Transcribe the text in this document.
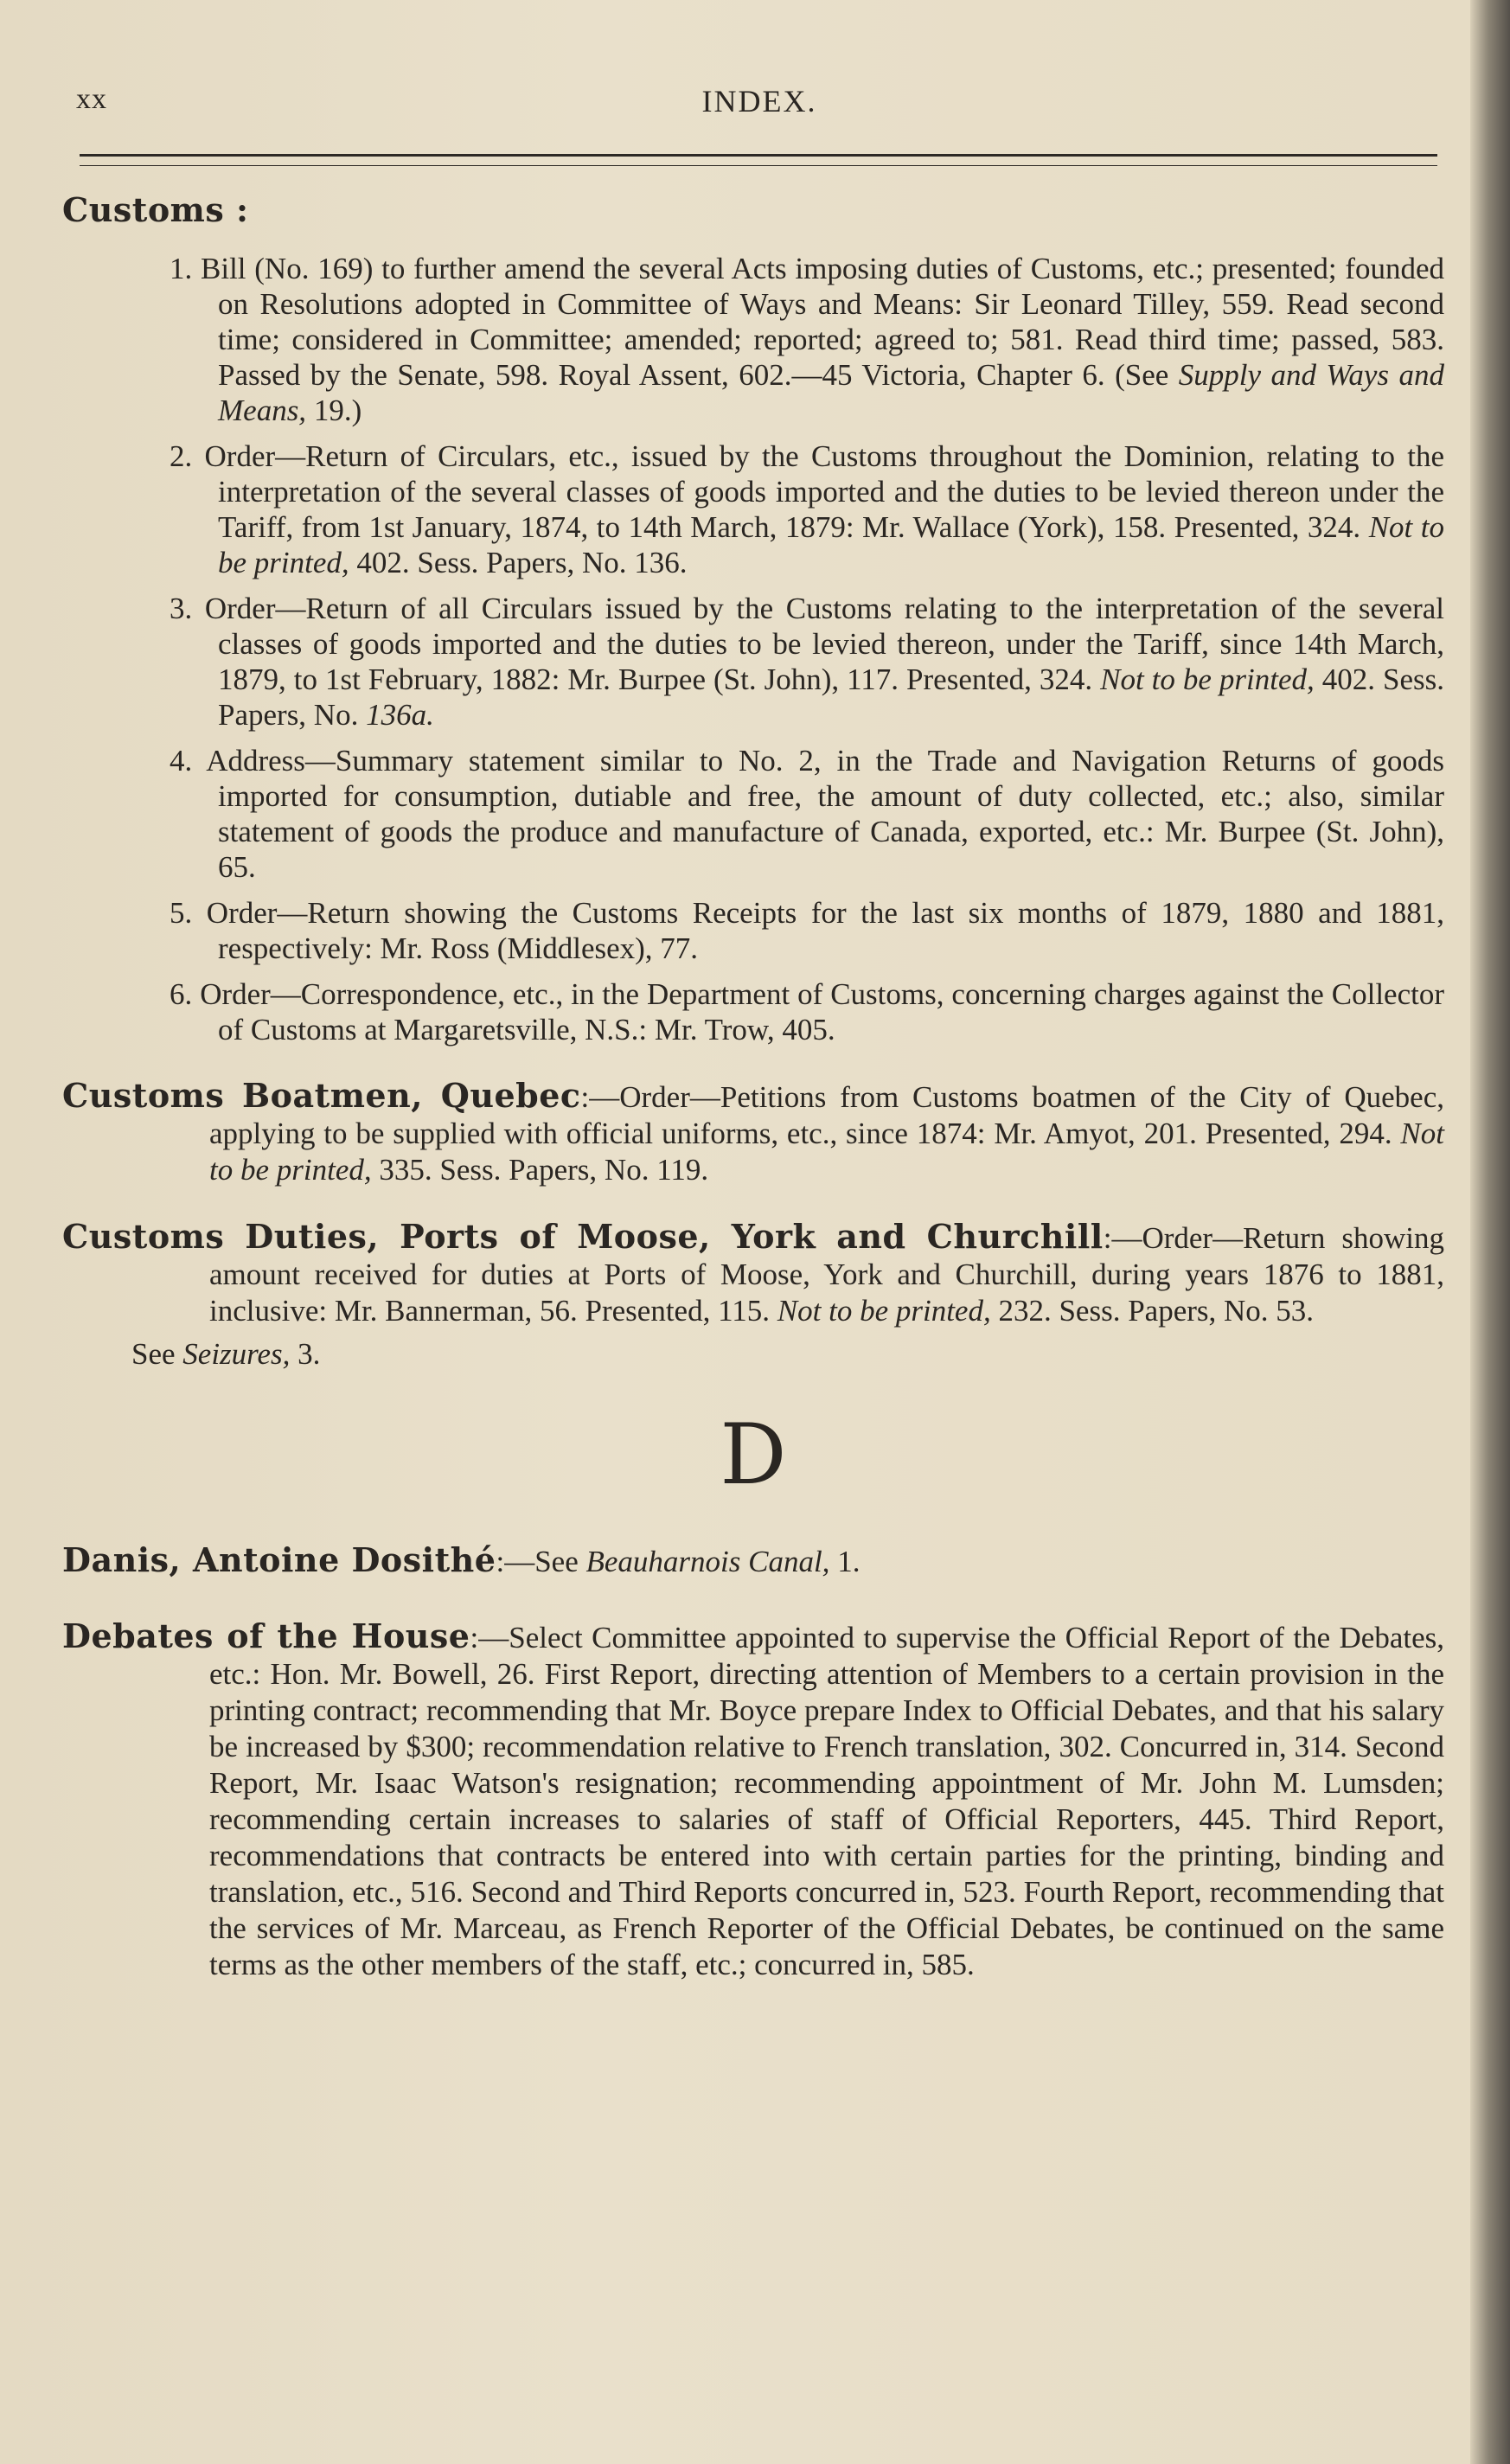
xx	INDEX.
Customs :

1. Bill (No. 169) to further amend the several Acts imposing duties of Customs, etc.; presented; founded on Resolutions adopted in Committee of Ways and Means: Sir Leonard Tilley, 559. Read second time; considered in Committee; amended; reported; agreed to; 581. Read third time; passed, 583. Passed by the Senate, 598. Royal Assent, 602.—45 Victoria, Chapter 6. (See Supply and Ways and Means, 19.)

2. Order—Return of Circulars, etc., issued by the Customs throughout the Dominion, relating to the interpretation of the several classes of goods imported and the duties to be levied thereon under the Tariff, from 1st January, 1874, to 14th March, 1879: Mr. Wallace (York), 158. Presented, 324. Not to be printed, 402. Sess. Papers, No. 136.

3. Order—Return of all Circulars issued by the Customs relating to the interpretation of the several classes of goods imported and the duties to be levied thereon, under the Tariff, since 14th March, 1879, to 1st February, 1882: Mr. Burpee (St. John), 117. Presented, 324. Not to be printed, 402. Sess. Papers, No. 136a.

4. Address—Summary statement similar to No. 2, in the Trade and Navigation Returns of goods imported for consumption, dutiable and free, the amount of duty collected, etc.; also, similar statement of goods the produce and manufacture of Canada, exported, etc.: Mr. Burpee (St. John), 65.

5. Order—Return showing the Customs Receipts for the last six months of 1879, 1880 and 1881, respectively: Mr. Ross (Middlesex), 77.

6. Order—Correspondence, etc., in the Department of Customs, concerning charges against the Collector of Customs at Margaretsville, N.S.: Mr. Trow, 405.

Customs Boatmen, Quebec:—Order—Petitions from Customs boatmen of the City of Quebec, applying to be supplied with official uniforms, etc., since 1874: Mr. Amyot, 201. Presented, 294. Not to be printed, 335. Sess. Papers, No. 119.

Customs Duties, Ports of Moose, York and Churchill:—Order—Return showing amount received for duties at Ports of Moose, York and Churchill, during years 1876 to 1881, inclusive: Mr. Bannerman, 56. Presented, 115. Not to be printed, 232. Sess. Papers, No. 53.

See Seizures, 3.

D

Danis, Antoine Dosithé:—See Beauharnois Canal, 1.

Debates of the House:—Select Committee appointed to supervise the Official Report of the Debates, etc.: Hon. Mr. Bowell, 26. First Report, directing attention of Members to a certain provision in the printing contract; recommending that Mr. Boyce prepare Index to Official Debates, and that his salary be increased by $300; recommendation relative to French translation, 302. Concurred in, 314. Second Report, Mr. Isaac Watson's resignation; recommending appointment of Mr. John M. Lumsden; recommending certain increases to salaries of staff of Official Reporters, 445. Third Report, recommendations that contracts be entered into with certain parties for the printing, binding and translation, etc., 516. Second and Third Reports concurred in, 523. Fourth Report, recommending that the services of Mr. Marceau, as French Reporter of the Official Debates, be continued on the same terms as the other members of the staff, etc.; concurred in, 585.
